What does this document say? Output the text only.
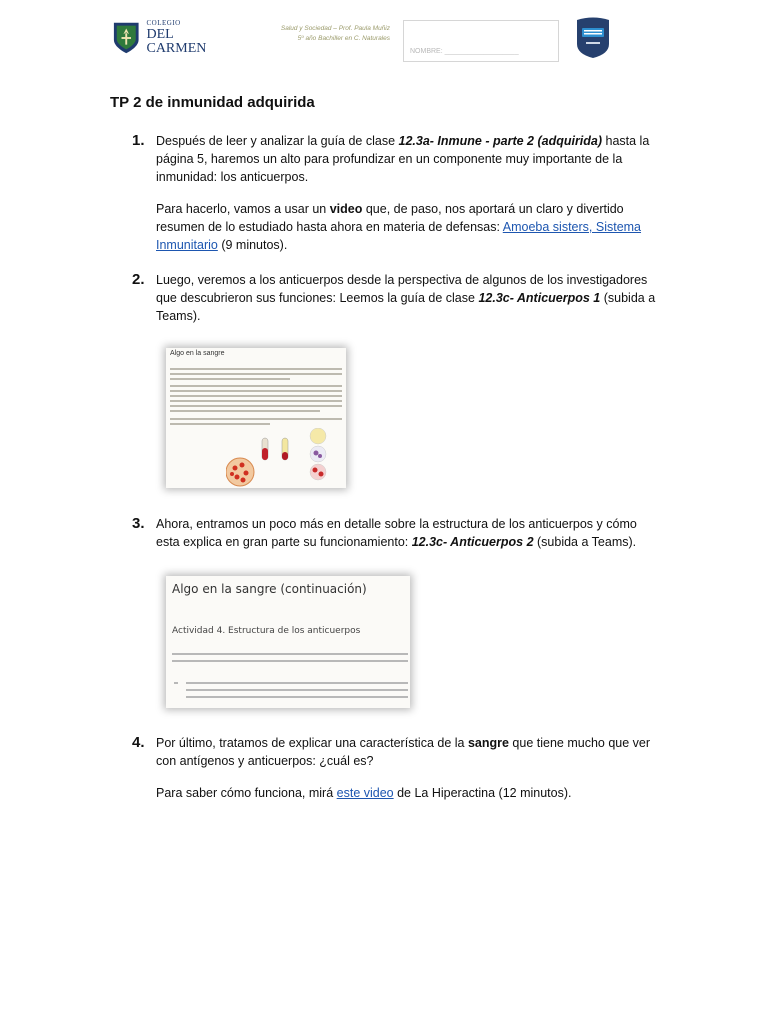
COLEGIO
DEL CARMEN
Salud y Sociedad – Prof. Paula Muñiz
5º año Bachiller en C. Naturales
NOMBRE: ___________________
TP 2 de inmunidad adquirida
1. Después de leer y analizar la guía de clase 12.3a- Inmune - parte 2 (adquirida) hasta la página 5, haremos un alto para profundizar en un componente muy importante de la inmunidad: los anticuerpos.

Para hacerlo, vamos a usar un video que, de paso, nos aportará un claro y divertido resumen de lo estudiado hasta ahora en materia de defensas: Amoeba sisters, Sistema Inmunitario (9 minutos).

2. Luego, veremos a los anticuerpos desde la perspectiva de algunos de los investigadores que descubrieron sus funciones: Leemos la guía de clase 12.3c- Anticuerpos 1 (subida a Teams).

Algo en la sangre
3. Ahora, entramos un poco más en detalle sobre la estructura de los anticuerpos y cómo esta explica en gran parte su funcionamiento: 12.3c- Anticuerpos 2 (subida a Teams).

Algo en la sangre (continuación)
Actividad 4. Estructura de los anticuerpos
4. Por último, tratamos de explicar una característica de la sangre que tiene mucho que ver con antígenos y anticuerpos: ¿cuál es?

Para saber cómo funciona, mirá este video de La Hiperactina (12 minutos).
